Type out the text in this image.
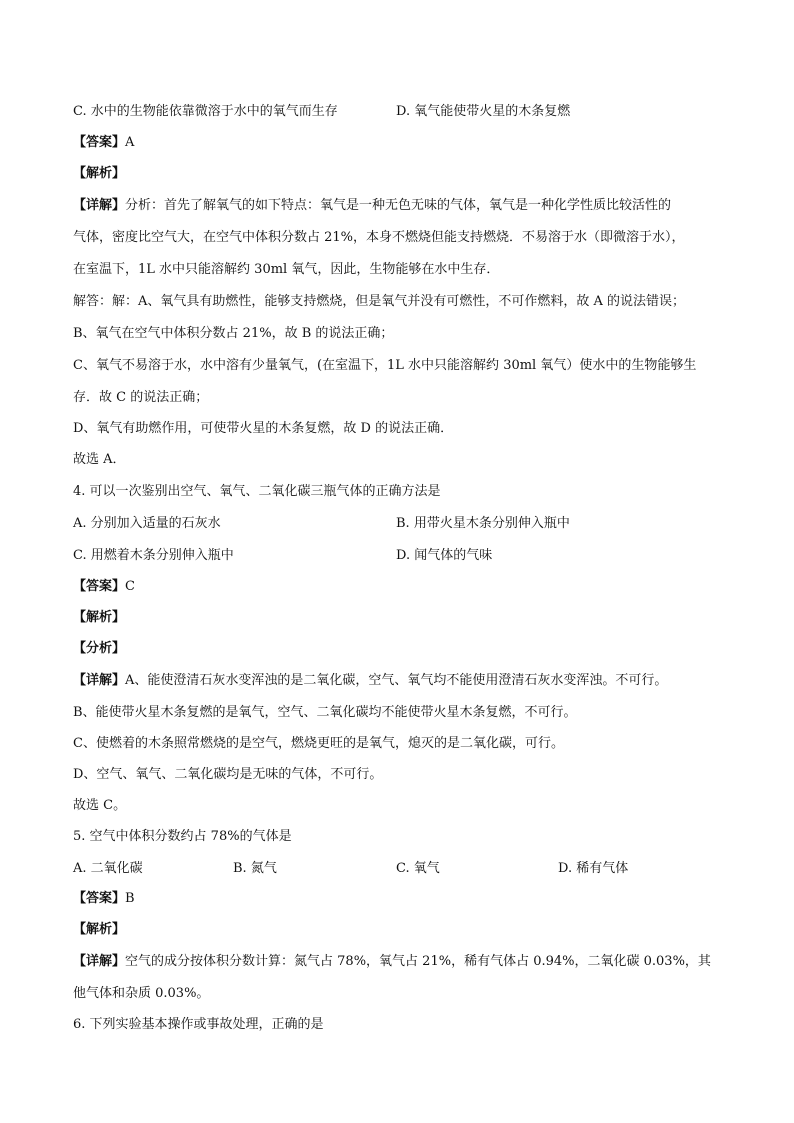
C. 水中的生物能依靠微溶于水中的氧气而生存	D. 氧气能使带火星的木条复燃
【答案】A
【解析】
【详解】分析：首先了解氧气的如下特点：氧气是一种无色无味的气体，氧气是一种化学性质比较活性的
气体，密度比空气大，在空气中体积分数占 21%，本身不燃烧但能支持燃烧．不易溶于水（即微溶于水），
在室温下，1L 水中只能溶解约 30ml 氧气，因此，生物能够在水中生存．
解答：解：A、氧气具有助燃性，能够支持燃烧，但是氧气并没有可燃性，不可作燃料，故 A 的说法错误；
B、氧气在空气中体积分数占 21%，故 B 的说法正确；
C、氧气不易溶于水，水中溶有少量氧气，(在室温下，1L 水中只能溶解约 30ml 氧气）使水中的生物能够生
存．故 C 的说法正确；
D、氧气有助燃作用，可使带火星的木条复燃，故 D 的说法正确．
故选 A．
4. 可以一次鉴别出空气、氧气、二氧化碳三瓶气体的正确方法是
A. 分别加入适量的石灰水	B. 用带火星木条分别伸入瓶中
C. 用燃着木条分别伸入瓶中	D. 闻气体的气味
【答案】C
【解析】
【分析】
【详解】A、能使澄清石灰水变浑浊的是二氧化碳，空气、氧气均不能使用澄清石灰水变浑浊。不可行。
B、能使带火星木条复燃的是氧气，空气、二氧化碳均不能使带火星木条复燃，不可行。
C、使燃着的木条照常燃烧的是空气，燃烧更旺的是氧气，熄灭的是二氧化碳，可行。
D、空气、氧气、二氧化碳均是无味的气体，不可行。
故选 C。
5. 空气中体积分数约占 78%的气体是
A. 二氧化碳	B. 氮气	C. 氧气	D. 稀有气体
【答案】B
【解析】
【详解】空气的成分按体积分数计算：氮气占 78%，氧气占 21%，稀有气体占 0.94%，二氧化碳 0.03%，其
他气体和杂质 0.03%。
6. 下列实验基本操作或事故处理，正确的是
